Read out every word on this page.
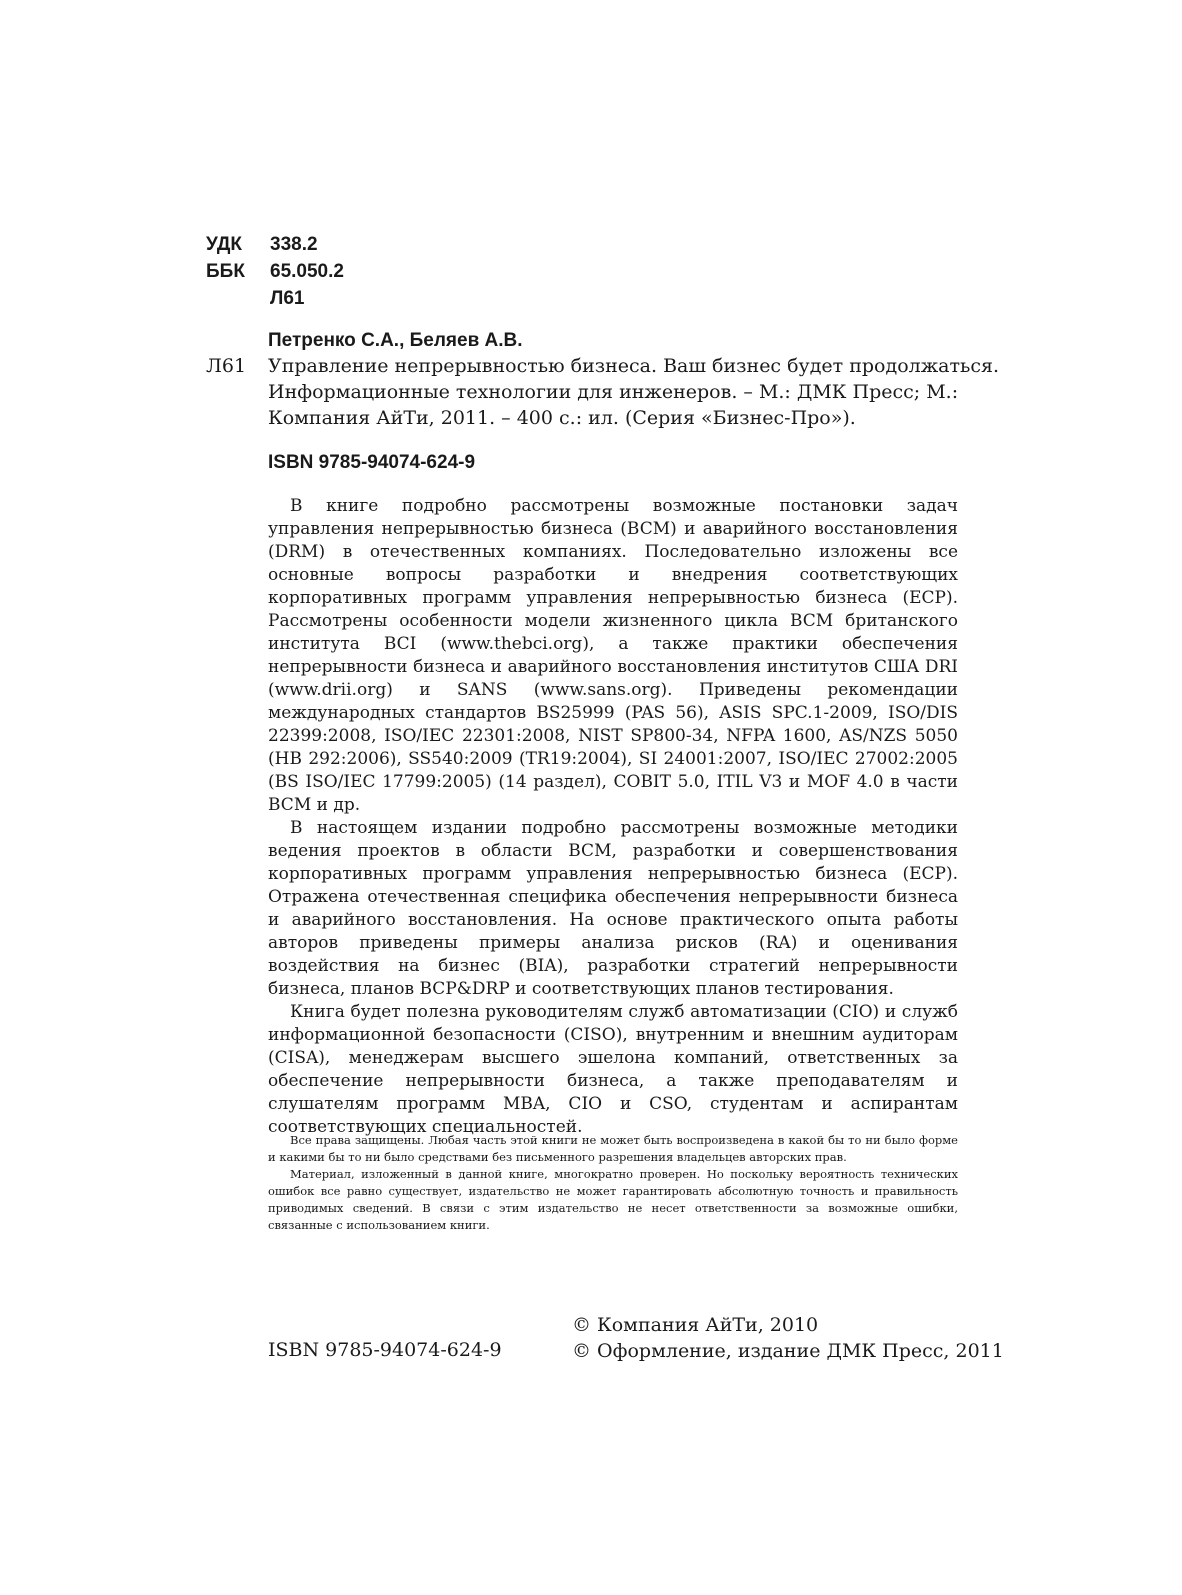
УДК	338.2
ББК	65.050.2
Л61
Петренко С.А., Беляев А.В.
Л61 Управление непрерывностью бизнеса. Ваш бизнес будет продолжаться.
Информационные технологии для инженеров. – М.: ДМК Пресс; М.:
Компания АйТи, 2011. – 400 с.: ил. (Серия «Бизнес-Про»).
ISBN 9785-94074-624-9

В книге подробно рассмотрены возможные постановки задач управления непрерывностью бизнеса (BCM) и аварийного восстановления (DRM) в отечественных компаниях. Последовательно изложены все основные вопросы разработки и внедрения соответствующих корпоративных программ управления непрерывностью бизнеса (ECP). Рассмотрены особенности модели жизненного цикла BCM британского института BCI (www.thebci.org), а также практики обеспечения непрерывности бизнеса и аварийного восстановления институтов США DRI (www.drii.org) и SANS (www.sans.org). Приведены рекомендации международных стандартов BS25999 (PAS 56), ASIS SPC.1-2009, ISO/DIS 22399:2008, ISO/IEC 22301:2008, NIST SP800-34, NFPA 1600, AS/NZS 5050 (HB 292:2006), SS540:2009 (TR19:2004), SI 24001:2007, ISO/IEC 27002:2005 (BS ISO/IEC 17799:2005) (14 раздел), COBIT 5.0, ITIL V3 и MOF 4.0 в части BCM и др.

В настоящем издании подробно рассмотрены возможные методики ведения проектов в области BCM, разработки и совершенствования корпоративных программ управления непрерывностью бизнеса (ECP). Отражена отечественная специфика обеспечения непрерывности бизнеса и аварийного восстановления. На основе практического опыта работы авторов приведены примеры анализа рисков (RA) и оценивания воздействия на бизнес (BIA), разработки стратегий непрерывности бизнеса, планов BCP&DRP и соответствующих планов тестирования.

Книга будет полезна руководителям служб автоматизации (CIO) и служб информационной безопасности (CISO), внутренним и внешним аудиторам (CISA), менеджерам высшего эшелона компаний, ответственных за обеспечение непрерывности бизнеса, а также преподавателям и слушателям программ MBA, CIO и CSO, студентам и аспирантам соответствующих специальностей.

Все права защищены. Любая часть этой книги не может быть воспроизведена в какой бы то ни было форме и какими бы то ни было средствами без письменного разрешения владельцев авторских прав.

Материал, изложенный в данной книге, многократно проверен. Но поскольку вероятность технических ошибок все равно существует, издательство не может гарантировать абсолютную точность и правильность приводимых сведений. В связи с этим издательство не несет ответственности за возможные ошибки, связанные с использованием книги.

ISBN 9785-94074-624-9
© Компания АйТи, 2010
© Оформление, издание ДМК Пресс, 2011
